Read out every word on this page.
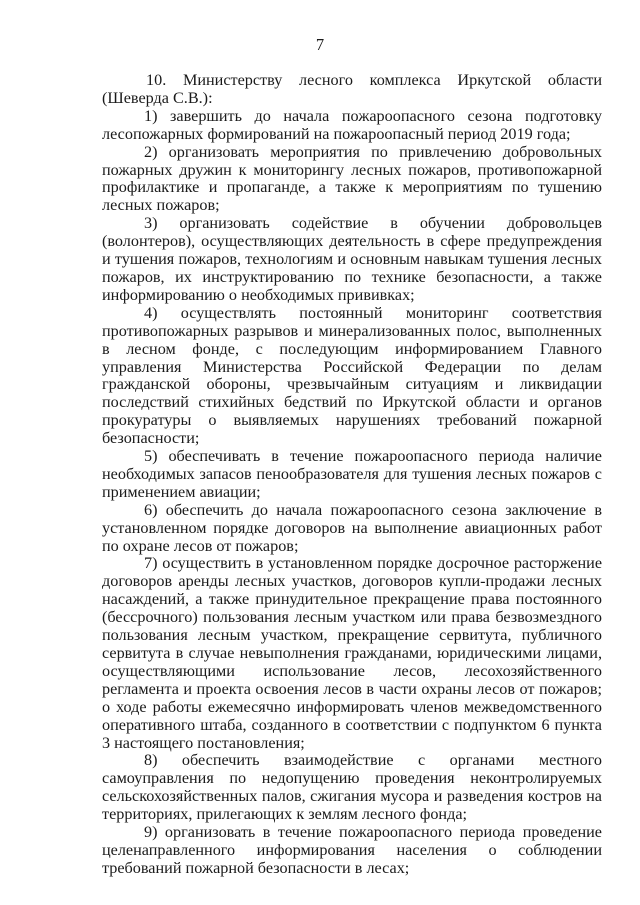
7

10. Министерству лесного комплекса Иркутской области (Шеверда С.В.):

1) завершить до начала пожароопасного сезона подготовку лесопожарных формирований на пожароопасный период 2019 года;

2) организовать мероприятия по привлечению добровольных пожарных дружин к мониторингу лесных пожаров, противопожарной профилактике и пропаганде, а также к мероприятиям по тушению лесных пожаров;

3) организовать содействие в обучении добровольцев (волонтеров), осуществляющих деятельность в сфере предупреждения и тушения пожаров, технологиям и основным навыкам тушения лесных пожаров, их инструктированию по технике безопасности, а также информированию о необходимых прививках;

4) осуществлять постоянный мониторинг соответствия противопожарных разрывов и минерализованных полос, выполненных в лесном фонде, с последующим информированием Главного управления Министерства Российской Федерации по делам гражданской обороны, чрезвычайным ситуациям и ликвидации последствий стихийных бедствий по Иркутской области и органов прокуратуры о выявляемых нарушениях требований пожарной безопасности;

5) обеспечивать в течение пожароопасного периода наличие необходимых запасов пенообразователя для тушения лесных пожаров с применением авиации;

6) обеспечить до начала пожароопасного сезона заключение в установленном порядке договоров на выполнение авиационных работ по охране лесов от пожаров;

7) осуществить в установленном порядке досрочное расторжение договоров аренды лесных участков, договоров купли-продажи лесных насаждений, а также принудительное прекращение права постоянного (бессрочного) пользования лесным участком или права безвозмездного пользования лесным участком, прекращение сервитута, публичного сервитута в случае невыполнения гражданами, юридическими лицами, осуществляющими использование лесов, лесохозяйственного регламента и проекта освоения лесов в части охраны лесов от пожаров; о ходе работы ежемесячно информировать членов межведомственного оперативного штаба, созданного в соответствии с подпунктом 6 пункта 3 настоящего постановления;

8) обеспечить взаимодействие с органами местного самоуправления по недопущению проведения неконтролируемых сельскохозяйственных палов, сжигания мусора и разведения костров на территориях, прилегающих к землям лесного фонда;

9) организовать в течение пожароопасного периода проведение целенаправленного информирования населения о соблюдении требований пожарной безопасности в лесах;
